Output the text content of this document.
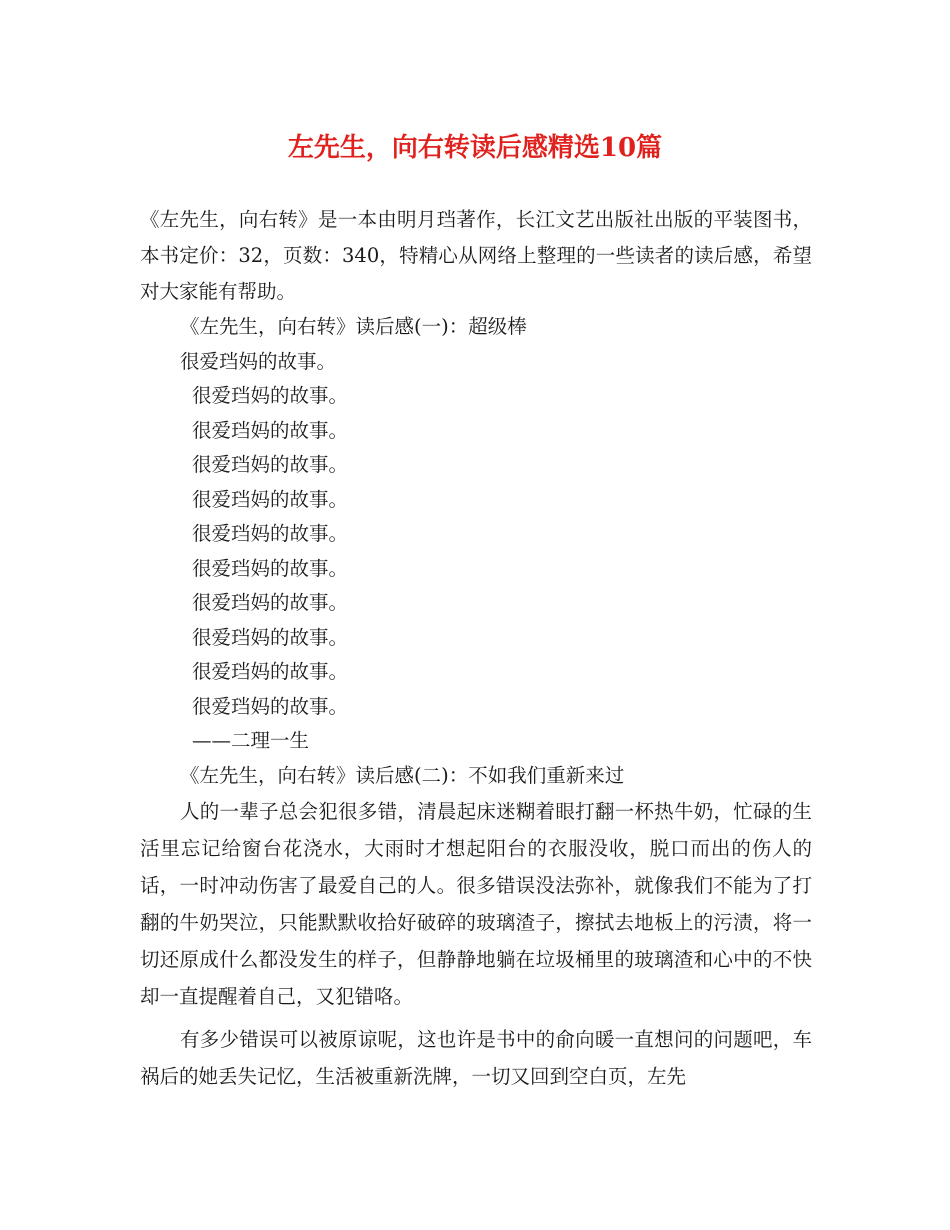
左先生，向右转读后感精选10篇

《左先生，向右转》是一本由明月珰著作，长江文艺出版社出版的平装图书，本书定价：32，页数：340，特精心从网络上整理的一些读者的读后感，希望对大家能有帮助。

《左先生，向右转》读后感(一)：超级棒
很爱珰妈的故事。
很爱珰妈的故事。
很爱珰妈的故事。
很爱珰妈的故事。
很爱珰妈的故事。
很爱珰妈的故事。
很爱珰妈的故事。
很爱珰妈的故事。
很爱珰妈的故事。
很爱珰妈的故事。
很爱珰妈的故事。
——二理一生
《左先生，向右转》读后感(二)：不如我们重新来过

人的一辈子总会犯很多错，清晨起床迷糊着眼打翻一杯热牛奶，忙碌的生活里忘记给窗台花浇水，大雨时才想起阳台的衣服没收，脱口而出的伤人的话，一时冲动伤害了最爱自己的人。很多错误没法弥补，就像我们不能为了打翻的牛奶哭泣，只能默默收拾好破碎的玻璃渣子，擦拭去地板上的污渍，将一切还原成什么都没发生的样子，但静静地躺在垃圾桶里的玻璃渣和心中的不快却一直提醒着自己，又犯错咯。

有多少错误可以被原谅呢，这也许是书中的俞向暖一直想问的问题吧，车祸后的她丢失记忆，生活被重新洗牌，一切又回到空白页，左先
